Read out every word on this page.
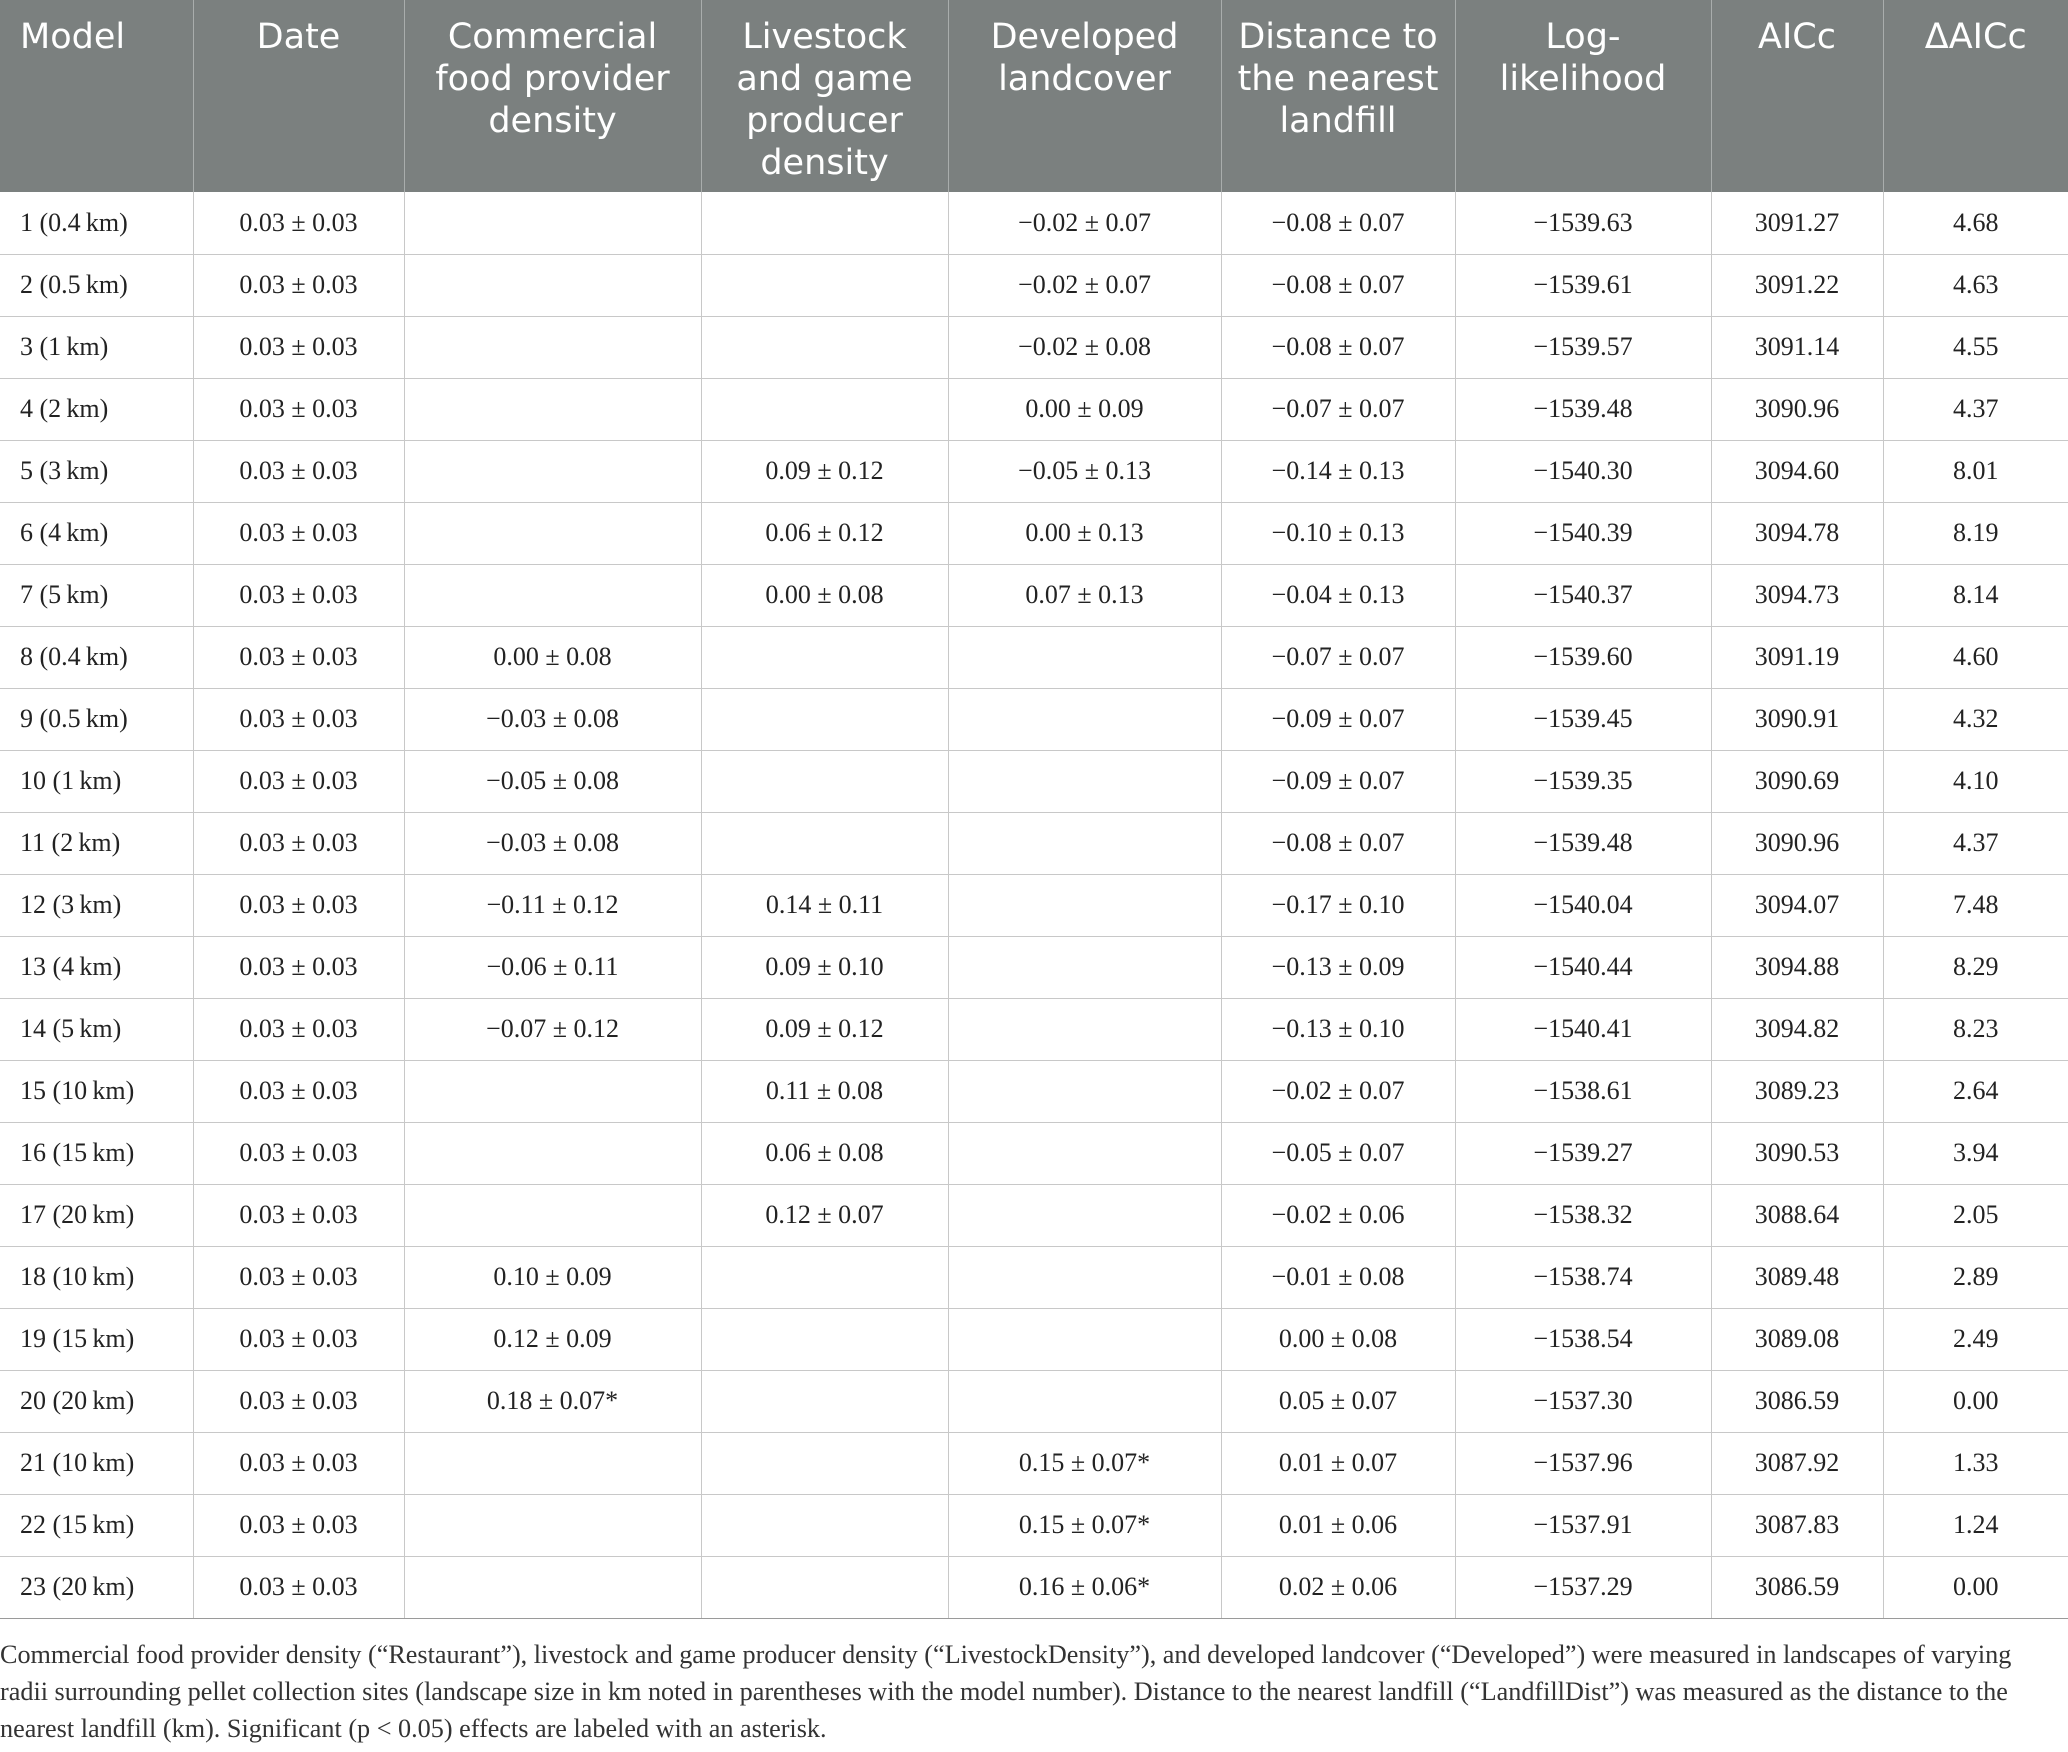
Model	Date	Commercial food provider density	Livestock and game producer density	Developed landcover	Distance to the nearest landfill	Log-likelihood	AICc	ΔAICc
1 (0.4 km)	0.03 ± 0.03			−0.02 ± 0.07	−0.08 ± 0.07	−1539.63	3091.27	4.68
2 (0.5 km)	0.03 ± 0.03			−0.02 ± 0.07	−0.08 ± 0.07	−1539.61	3091.22	4.63
3 (1 km)	0.03 ± 0.03			−0.02 ± 0.08	−0.08 ± 0.07	−1539.57	3091.14	4.55
4 (2 km)	0.03 ± 0.03			0.00 ± 0.09	−0.07 ± 0.07	−1539.48	3090.96	4.37
5 (3 km)	0.03 ± 0.03		0.09 ± 0.12	−0.05 ± 0.13	−0.14 ± 0.13	−1540.30	3094.60	8.01
6 (4 km)	0.03 ± 0.03		0.06 ± 0.12	0.00 ± 0.13	−0.10 ± 0.13	−1540.39	3094.78	8.19
7 (5 km)	0.03 ± 0.03		0.00 ± 0.08	0.07 ± 0.13	−0.04 ± 0.13	−1540.37	3094.73	8.14
8 (0.4 km)	0.03 ± 0.03	0.00 ± 0.08			−0.07 ± 0.07	−1539.60	3091.19	4.60
9 (0.5 km)	0.03 ± 0.03	−0.03 ± 0.08			−0.09 ± 0.07	−1539.45	3090.91	4.32
10 (1 km)	0.03 ± 0.03	−0.05 ± 0.08			−0.09 ± 0.07	−1539.35	3090.69	4.10
11 (2 km)	0.03 ± 0.03	−0.03 ± 0.08			−0.08 ± 0.07	−1539.48	3090.96	4.37
12 (3 km)	0.03 ± 0.03	−0.11 ± 0.12	0.14 ± 0.11		−0.17 ± 0.10	−1540.04	3094.07	7.48
13 (4 km)	0.03 ± 0.03	−0.06 ± 0.11	0.09 ± 0.10		−0.13 ± 0.09	−1540.44	3094.88	8.29
14 (5 km)	0.03 ± 0.03	−0.07 ± 0.12	0.09 ± 0.12		−0.13 ± 0.10	−1540.41	3094.82	8.23
15 (10 km)	0.03 ± 0.03		0.11 ± 0.08		−0.02 ± 0.07	−1538.61	3089.23	2.64
16 (15 km)	0.03 ± 0.03		0.06 ± 0.08		−0.05 ± 0.07	−1539.27	3090.53	3.94
17 (20 km)	0.03 ± 0.03		0.12 ± 0.07		−0.02 ± 0.06	−1538.32	3088.64	2.05
18 (10 km)	0.03 ± 0.03	0.10 ± 0.09			−0.01 ± 0.08	−1538.74	3089.48	2.89
19 (15 km)	0.03 ± 0.03	0.12 ± 0.09			0.00 ± 0.08	−1538.54	3089.08	2.49
20 (20 km)	0.03 ± 0.03	0.18 ± 0.07*			0.05 ± 0.07	−1537.30	3086.59	0.00
21 (10 km)	0.03 ± 0.03			0.15 ± 0.07*	0.01 ± 0.07	−1537.96	3087.92	1.33
22 (15 km)	0.03 ± 0.03			0.15 ± 0.07*	0.01 ± 0.06	−1537.91	3087.83	1.24
23 (20 km)	0.03 ± 0.03			0.16 ± 0.06*	0.02 ± 0.06	−1537.29	3086.59	0.00
Commercial food provider density (“Restaurant”), livestock and game producer density (“LivestockDensity”), and developed landcover (“Developed”) were measured in landscapes of varying radii surrounding pellet collection sites (landscape size in km noted in parentheses with the model number). Distance to the nearest landfill (“LandfillDist”) was measured as the distance to the nearest landfill (km). Significant (p < 0.05) effects are labeled with an asterisk.
